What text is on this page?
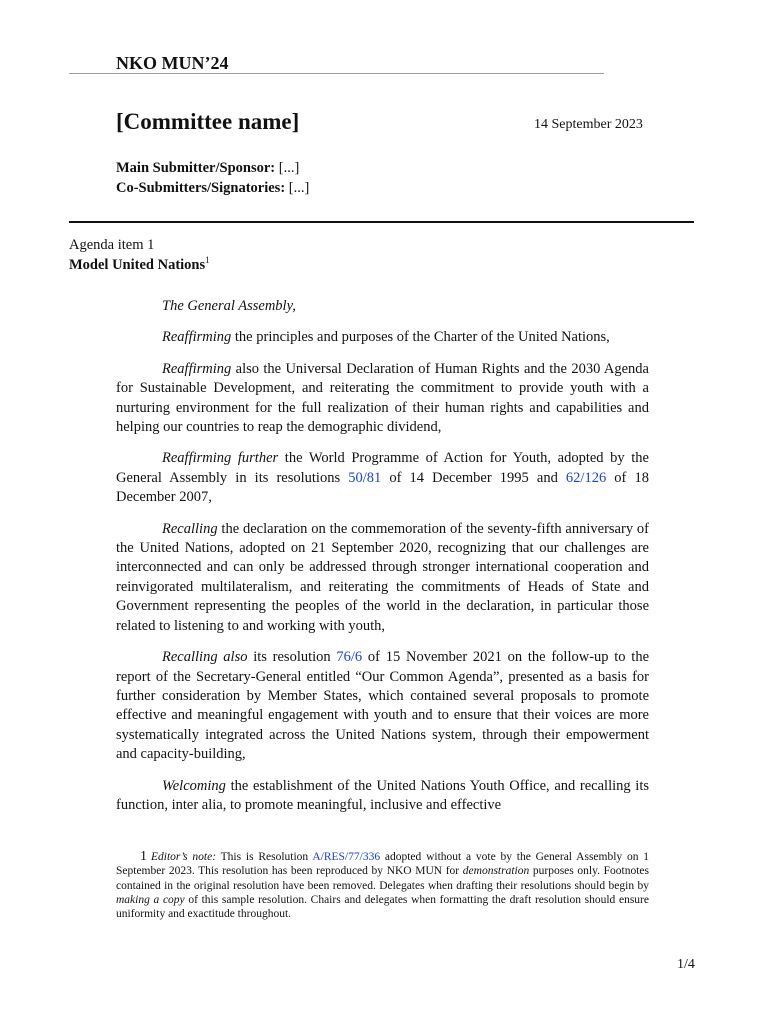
NKO MUN’24
[Committee name]	14 September 2023
Main Submitter/Sponsor: [...]
Co-Submitters/Signatories: [...]
Agenda item 1
Model United Nations$^1$

The General Assembly,

Reaffirming the principles and purposes of the Charter of the United Nations,

Reaffirming also the Universal Declaration of Human Rights and the 2030 Agenda for Sustainable Development, and reiterating the commitment to provide youth with a nurturing environment for the full realization of their human rights and capabilities and helping our countries to reap the demographic dividend,

Reaffirming further the World Programme of Action for Youth, adopted by the General Assembly in its resolutions 50/81 of 14 December 1995 and 62/126 of 18 December 2007,

Recalling the declaration on the commemoration of the seventy-fifth anniversary of the United Nations, adopted on 21 September 2020, recognizing that our challenges are interconnected and can only be addressed through stronger international cooperation and reinvigorated multilateralism, and reiterating the commitments of Heads of State and Government representing the peoples of the world in the declaration, in particular those related to listening to and working with youth,

Recalling also its resolution 76/6 of 15 November 2021 on the follow-up to the report of the Secretary-General entitled “Our Common Agenda”, presented as a basis for further consideration by Member States, which contained several proposals to promote effective and meaningful engagement with youth and to ensure that their voices are more systematically integrated across the United Nations system, through their empowerment and capacity-building,

Welcoming the establishment of the United Nations Youth Office, and recalling its function, inter alia, to promote meaningful, inclusive and effective

1 Editor’s note: This is Resolution A/RES/77/336 adopted without a vote by the General Assembly on 1 September 2023. This resolution has been reproduced by NKO MUN for demonstration purposes only. Footnotes contained in the original resolution have been removed. Delegates when drafting their resolutions should begin by making a copy of this sample resolution. Chairs and delegates when formatting the draft resolution should ensure uniformity and exactitude throughout.
1/4
